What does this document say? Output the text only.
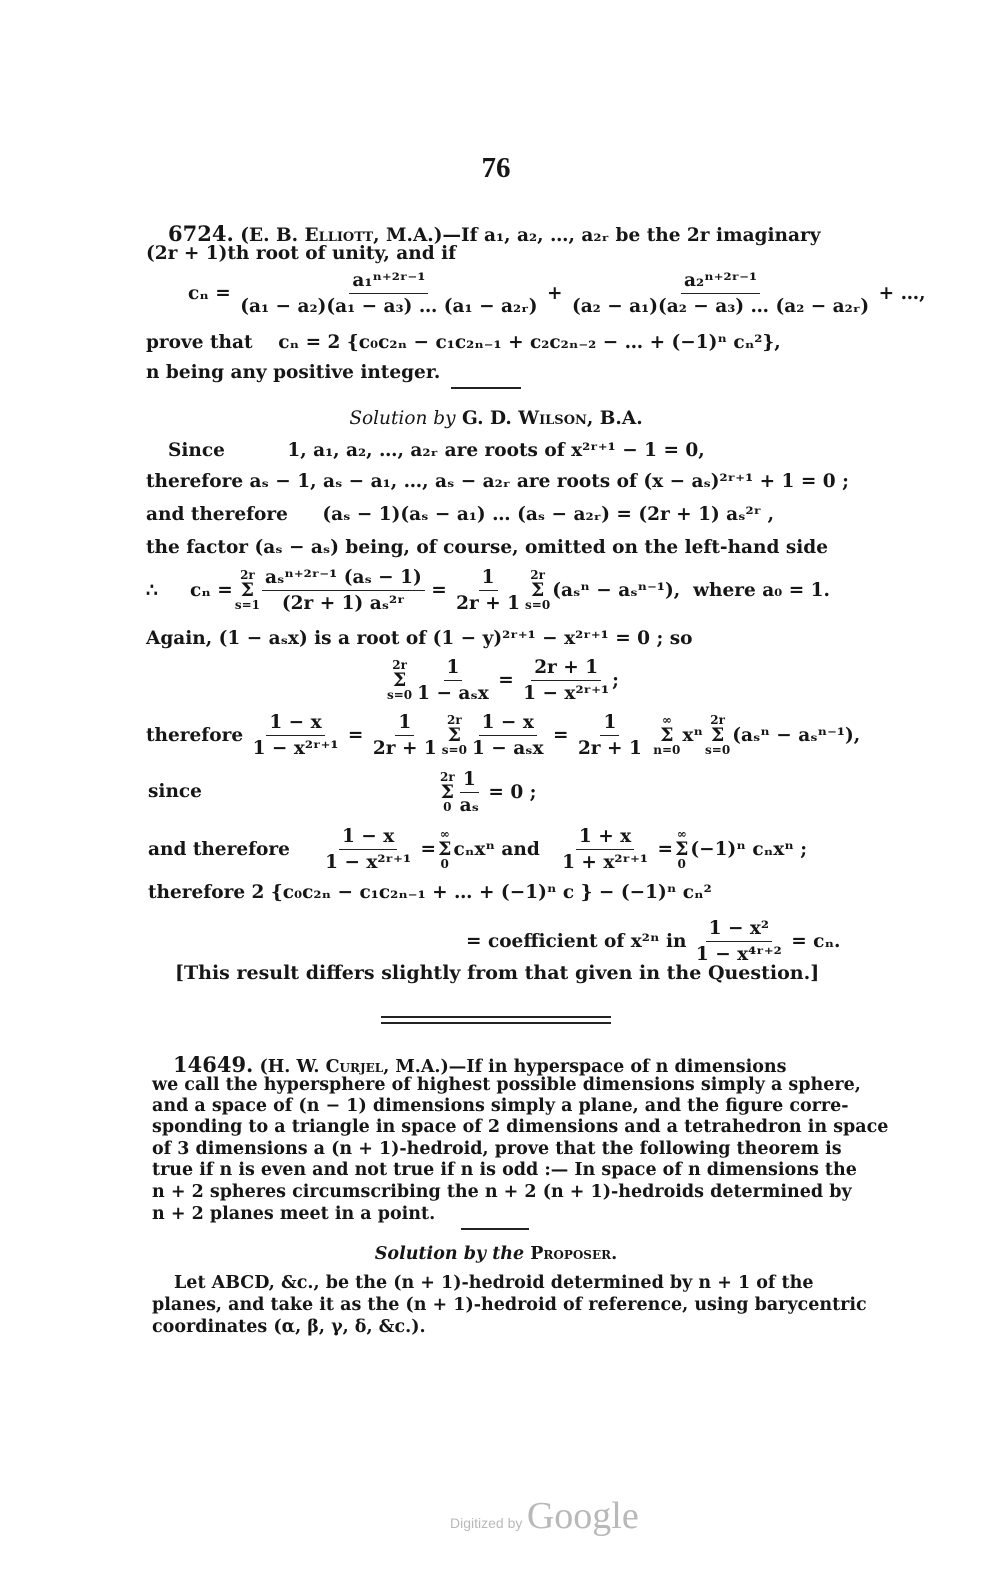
76
6724. (E. B. Elliott, M.A.)—If a₁, a₂, …, a₂ᵣ be the 2r imaginary
(2r + 1)th root of unity, and if
cₙ =
$\frac{\text{a₁ⁿ⁺²ʳ⁻¹}}{\text{(a₁ − a₂)(a₁ − a₃) … (a₁ − a₂ᵣ)}}$
+
$\frac{\text{a₂ⁿ⁺²ʳ⁻¹}}{\text{(a₂ − a₁)(a₂ − a₃) … (a₂ − a₂ᵣ)}}$
+ …,
prove that cₙ = 2 {c₀c₂ₙ − c₁c₂ₙ₋₁ + c₂c₂ₙ₋₂ − … + (−1)ⁿ cₙ²},
n being any positive integer.
Solution by G. D. Wilson, B.A.
Since	1, a₁, a₂, …, a₂ᵣ are roots of x²ʳ⁺¹ − 1 = 0,
therefore aₛ − 1, aₛ − a₁, …, aₛ − a₂ᵣ are roots of (x − aₛ)²ʳ⁺¹ + 1 = 0 ;
and therefore (aₛ − 1)(aₛ − a₁) … (aₛ − a₂ᵣ) = (2r + 1) aₛ²ʳ ,
the factor (aₛ − aₛ) being, of course, omitted on the left-hand side
∴
cₙ =
2r
Σ
$s=1 \frac{\text{aₛⁿ⁺²ʳ⁻¹ (aₛ − 1)}}{\text{(2r + 1) aₛ²ʳ}}$
=
$\frac{1}{2r + 1} 2r$
Σ
s=0
(aₛⁿ − aₛⁿ⁻¹),
where a₀ = 1.
Again, (1 − aₛx) is a root of (1 − y)²ʳ⁺¹ − x²ʳ⁺¹ = 0 ; so
2r
Σ
$s=0 \frac{1}{\text{1 − aₛx}}$
=
$\frac{2r + 1}{\text{1 − x²ʳ⁺¹}}$ ;
therefore
$\frac{1 - x}{\text{1 − x²ʳ⁺¹}}$
=
$\frac{1}{2r + 1} 2r$
Σ
$s=0 \frac{1 - x}{\text{1 − aₛx}}$
=
$\frac{1}{2r + 1}$
∞
Σ
n=0
xⁿ
2r
Σ
s=0
(aₛⁿ − aₛⁿ⁻¹),
since
2r
Σ
$0 \frac{1}{\text{aₛ}}$
= 0 ;
and therefore
$\frac{1 - x}{\text{1 − x²ʳ⁺¹}}$
=
∞
Σ
0
cₙxⁿ and
$\frac{1 + x}{\text{1 + x²ʳ⁺¹}}$
=
∞
Σ
0
(−1)ⁿ cₙxⁿ ;
therefore 2 {c₀c₂ₙ − c₁c₂ₙ₋₁ + … + (−1)ⁿ c } − (−1)ⁿ cₙ²
= coefficient of x²ⁿ in
$\frac{\text{1 − x²}}{\text{1 − x⁴ʳ⁺²}}$
= cₙ.
[This result differs slightly from that given in the Question.]
14649. (H. W. Curjel, M.A.)—If in hyperspace of n dimensions
we call the hypersphere of highest possible dimensions simply a sphere,
and a space of (n − 1) dimensions simply a plane, and the figure corre-
sponding to a triangle in space of 2 dimensions and a tetrahedron in space
of 3 dimensions a (n + 1)-hedroid, prove that the following theorem is
true if n is even and not true if n is odd :— In space of n dimensions the
n + 2 spheres circumscribing the n + 2 (n + 1)-hedroids determined by
n + 2 planes meet in a point.
Solution by the Proposer.
Let ABCD, &c., be the (n + 1)-hedroid determined by n + 1 of the
planes, and take it as the (n + 1)-hedroid of reference, using barycentric
coordinates (α, β, γ, δ, &c.).
Digitized by Google
